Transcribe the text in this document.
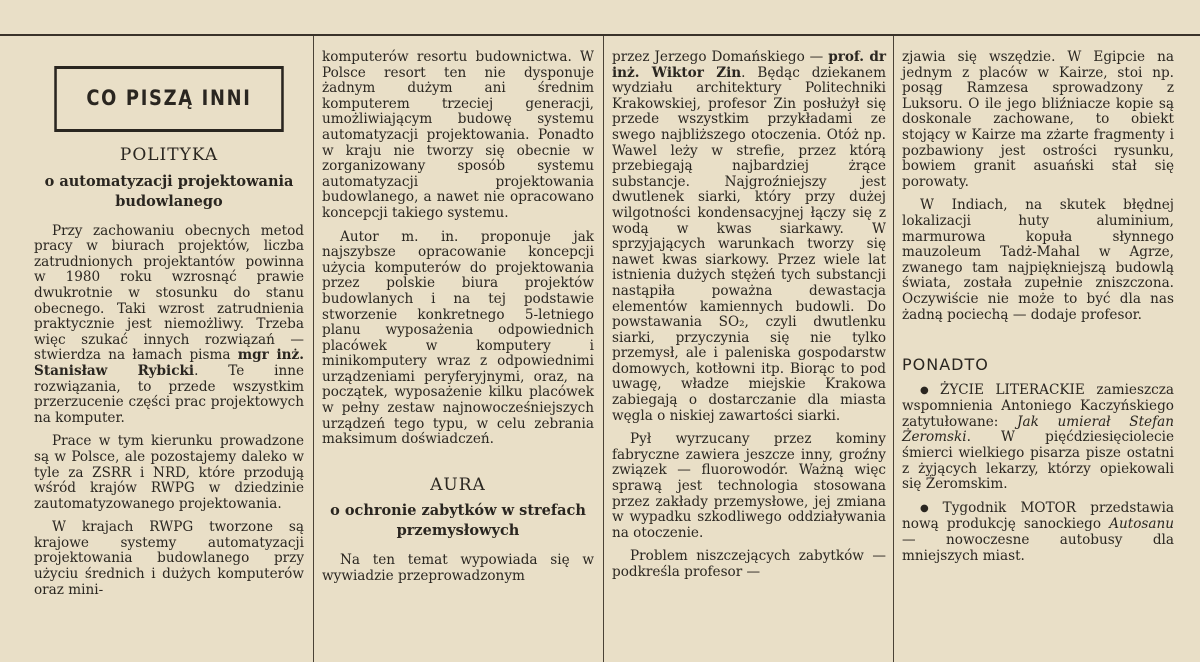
CO PISZĄ INNI
POLITYKA
o automatyzacji projektowania budowlanego

Przy zachowaniu obecnych metod pracy w biurach projektów, liczba zatrudnionych projektantów powinna w 1980 roku wzrosnąć prawie dwukrotnie w stosunku do stanu obecnego. Taki wzrost zatrudnienia praktycznie jest niemożliwy. Trzeba więc szukać innych rozwiązań — stwierdza na łamach pisma mgr inż. Stanisław Rybicki. Te inne rozwiązania, to przede wszystkim przerzucenie części prac projektowych na komputer.

Prace w tym kierunku prowadzone są w Polsce, ale pozostajemy daleko w tyle za ZSRR i NRD, które przodują wśród krajów RWPG w dziedzinie zautomatyzowanego projektowania.

W krajach RWPG tworzone są krajowe systemy automatyzacji projektowania budowlanego przy użyciu średnich i dużych komputerów oraz mini-

komputerów resortu budownictwa. W Polsce resort ten nie dysponuje żadnym dużym ani średnim komputerem trzeciej generacji, umożliwiającym budowę systemu automatyzacji projektowania. Ponadto w kraju nie tworzy się obecnie w zorganizowany sposób systemu automatyzacji projektowania budowlanego, a nawet nie opracowano koncepcji takiego systemu.

Autor m. in. proponuje jak najszybsze opracowanie koncepcji użycia komputerów do projektowania przez polskie biura projektów budowlanych i na tej podstawie stworzenie konkretnego 5-letniego planu wyposażenia odpowiednich placówek w komputery i minikomputery wraz z odpowiednimi urządzeniami peryferyjnymi, oraz, na początek, wyposażenie kilku placówek w pełny zestaw najnowocześniejszych urządzeń tego typu, w celu zebrania maksimum doświadczeń.

AURA
o ochronie zabytków w strefach przemysłowych

Na ten temat wypowiada się w wywiadzie przeprowadzonym

przez Jerzego Domańskiego — prof. dr inż. Wiktor Zin. Będąc dziekanem wydziału architektury Politechniki Krakowskiej, profesor Zin posłużył się przede wszystkim przykładami ze swego najbliższego otoczenia. Otóż np. Wawel leży w strefie, przez którą przebiegają najbardziej żrące substancje. Najgroźniejszy jest dwutlenek siarki, który przy dużej wilgotności kondensacyjnej łączy się z wodą w kwas siarkawy. W sprzyjających warunkach tworzy się nawet kwas siarkowy. Przez wiele lat istnienia dużych stężeń tych substancji nastąpiła poważna dewastacja elementów kamiennych budowli. Do powstawania SO₂, czyli dwutlenku siarki, przyczynia się nie tylko przemysł, ale i paleniska gospodarstw domowych, kotłowni itp. Biorąc to pod uwagę, władze miejskie Krakowa zabiegają o dostarczanie dla miasta węgla o niskiej zawartości siarki.

Pył wyrzucany przez kominy fabryczne zawiera jeszcze inny, groźny związek — fluorowodór. Ważną więc sprawą jest technologia stosowana przez zakłady przemysłowe, jej zmiana w wypadku szkodliwego oddziaływania na otoczenie.

Problem niszczejących zabytków — podkreśla profesor —

zjawia się wszędzie. W Egipcie na jednym z placów w Kairze, stoi np. posąg Ramzesa sprowadzony z Luksoru. O ile jego bliźniacze kopie są doskonale zachowane, to obiekt stojący w Kairze ma zżarte fragmenty i pozbawiony jest ostrości rysunku, bowiem granit asuański stał się porowaty.

W Indiach, na skutek błędnej lokalizacji huty aluminium, marmurowa kopuła słynnego mauzoleum Tadż-Mahal w Agrze, zwanego tam najpiękniejszą budowlą świata, została zupełnie zniszczona. Oczywiście nie może to być dla nas żadną pociechą — dodaje profesor.

PONADTO

● ŻYCIE LITERACKIE zamieszcza wspomnienia Antoniego Kaczyńskiego zatytułowane: Jak umierał Stefan Żeromski. W pięćdziesięciolecie śmierci wielkiego pisarza pisze ostatni z żyjących lekarzy, którzy opiekowali się Żeromskim.

● Tygodnik MOTOR przedstawia nową produkcję sanockiego Autosanu — nowoczesne autobusy dla mniejszych miast.
